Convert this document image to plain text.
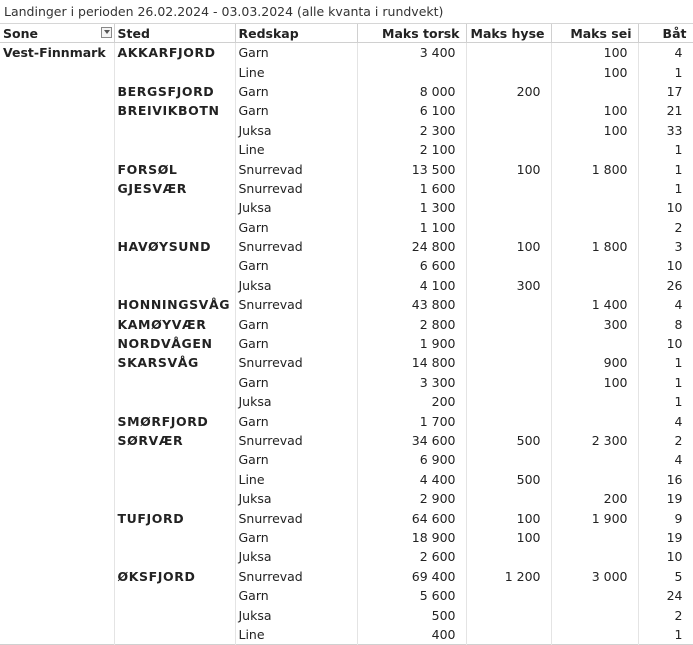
Landinger i perioden 26.02.2024 - 03.03.2024 (alle kvanta i rundvekt)
Sone	Sted	Redskap	Maks torsk	Maks hyse	Maks sei	Båt
Vest-Finnmark	AKKARFJORD	Garn	3 400		100	4
		Line			100	1
	BERGSFJORD	Garn	8 000	200		17
	BREIVIKBOTN	Garn	6 100		100	21
		Juksa	2 300		100	33
		Line	2 100			1
	FORSØL	Snurrevad	13 500	100	1 800	1
	GJESVÆR	Snurrevad	1 600			1
		Juksa	1 300			10
		Garn	1 100			2
	HAVØYSUND	Snurrevad	24 800	100	1 800	3
		Garn	6 600			10
		Juksa	4 100	300		26
	HONNINGSVÅG	Snurrevad	43 800		1 400	4
	KAMØYVÆR	Garn	2 800		300	8
	NORDVÅGEN	Garn	1 900			10
	SKARSVÅG	Snurrevad	14 800		900	1
		Garn	3 300		100	1
		Juksa	200			1
	SMØRFJORD	Garn	1 700			4
	SØRVÆR	Snurrevad	34 600	500	2 300	2
		Garn	6 900			4
		Line	4 400	500		16
		Juksa	2 900		200	19
	TUFJORD	Snurrevad	64 600	100	1 900	9
		Garn	18 900	100		19
		Juksa	2 600			10
	ØKSFJORD	Snurrevad	69 400	1 200	3 000	5
		Garn	5 600			24
		Juksa	500			2
		Line	400			1
